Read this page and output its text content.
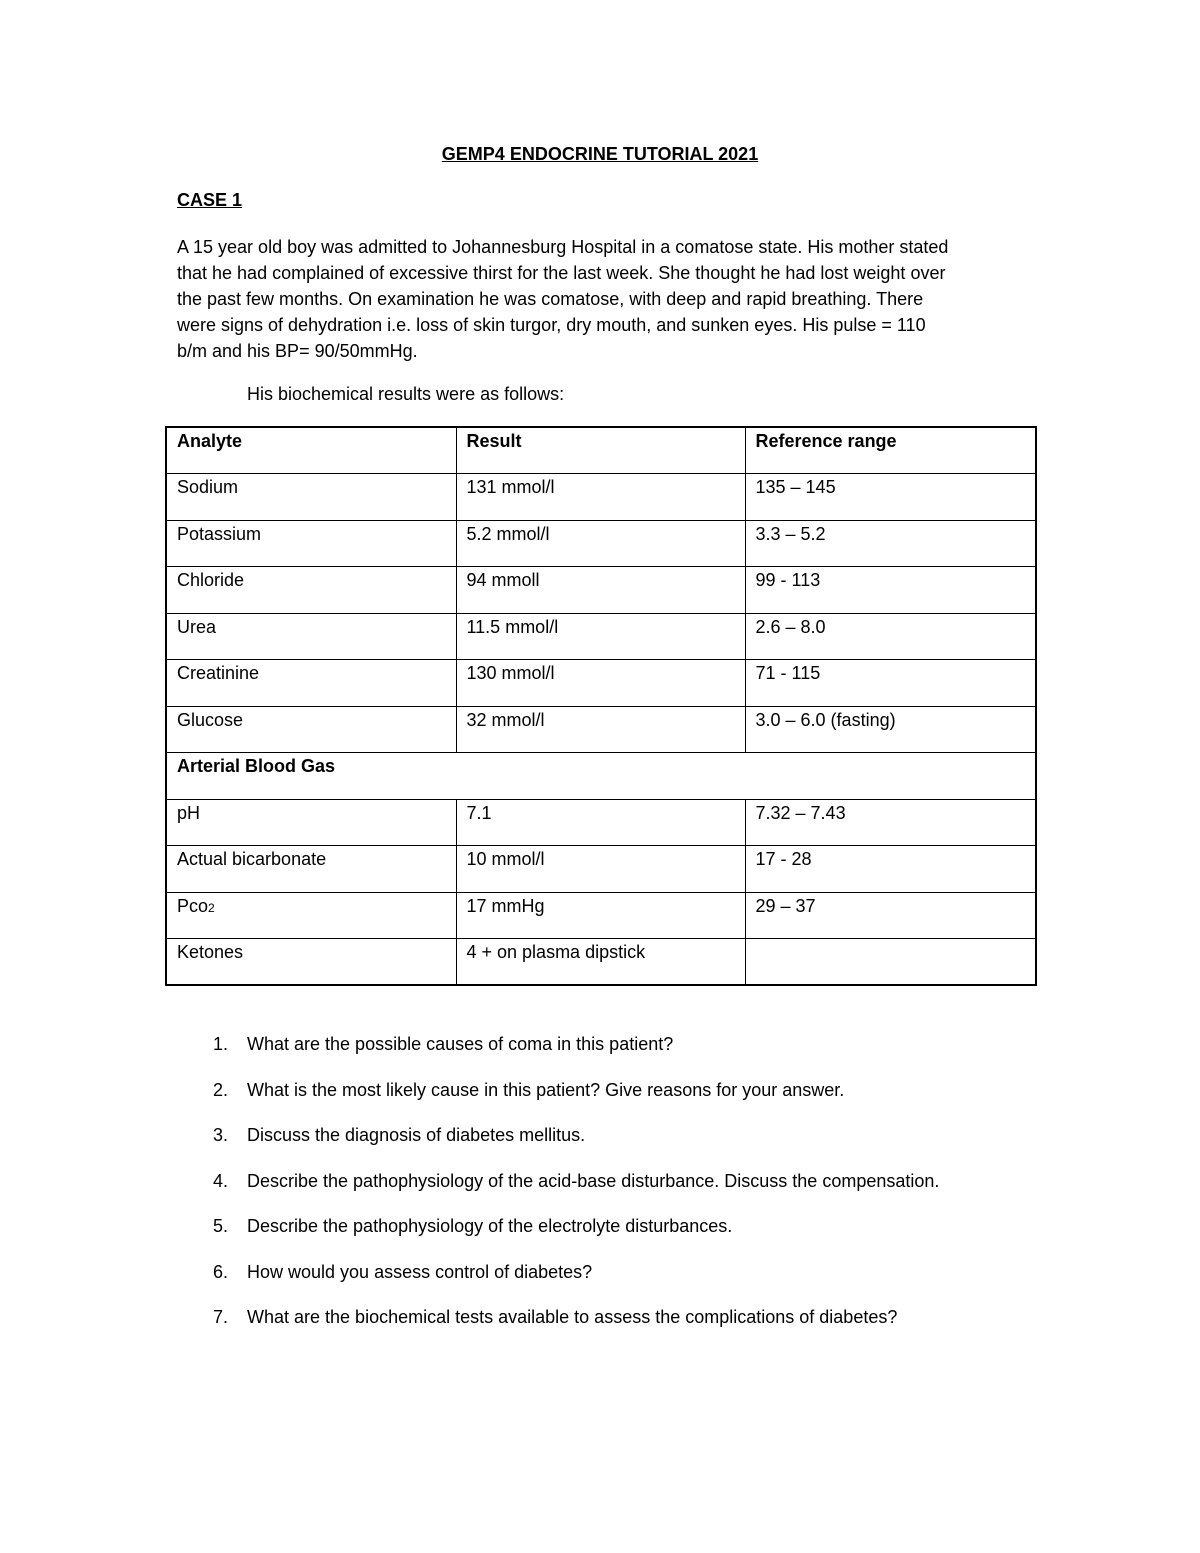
GEMP4 ENDOCRINE TUTORIAL 2021
CASE 1
A 15 year old boy was admitted to Johannesburg Hospital in a comatose state. His mother stated
that he had complained of excessive thirst for the last week. She thought he had lost weight over
the past few months. On examination he was comatose, with deep and rapid breathing. There
were signs of dehydration i.e. loss of skin turgor, dry mouth, and sunken eyes. His pulse = 110
b/m and his BP= 90/50mmHg.
His biochemical results were as follows:
Analyte	Result	Reference range
Sodium	131 mmol/l	135 – 145
Potassium	5.2 mmol/l	3.3 – 5.2
Chloride	94 mmoll	99 - 113
Urea	11.5 mmol/l	2.6 – 8.0
Creatinine	130 mmol/l	71 - 115
Glucose	32 mmol/l	3.0 – 6.0 (fasting)
Arterial Blood Gas		
pH	7.1	7.32 – 7.43
Actual bicarbonate	10 mmol/l	17 - 28
Pco2	17 mmHg	29 – 37
Ketones	4 + on plasma dipstick	
1. What are the possible causes of coma in this patient?
2. What is the most likely cause in this patient? Give reasons for your answer.
3. Discuss the diagnosis of diabetes mellitus.
4. Describe the pathophysiology of the acid-base disturbance. Discuss the compensation.
5. Describe the pathophysiology of the electrolyte disturbances.
6. How would you assess control of diabetes?
7. What are the biochemical tests available to assess the complications of diabetes?
